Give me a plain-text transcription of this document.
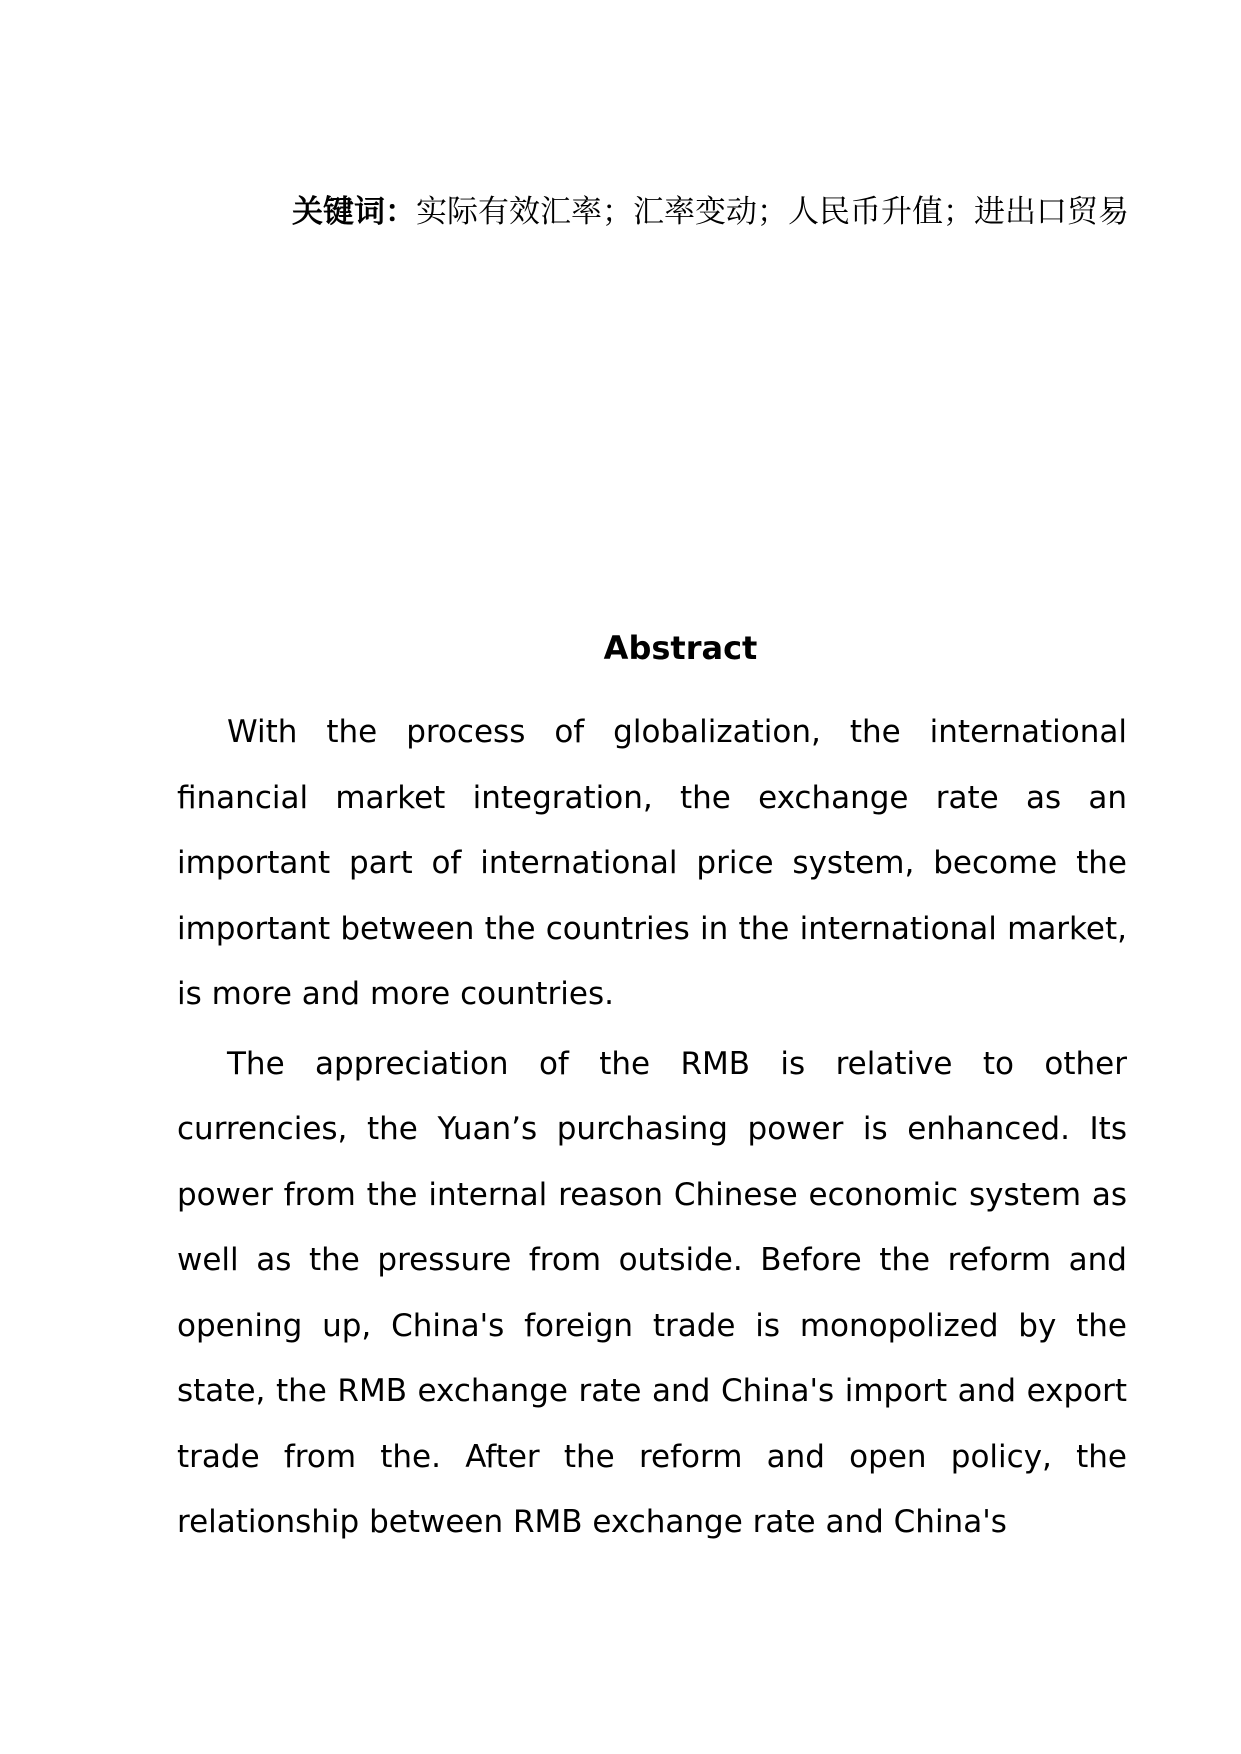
关键词：实际有效汇率；汇率变动；人民币升值；进出口贸易
Abstract

With the process of globalization, the international financial market integration, the exchange rate as an important part of international price system, become the important between the countries in the international market, is more and more countries.

The appreciation of the RMB is relative to other currencies, the Yuan’s purchasing power is enhanced. Its power from the internal reason Chinese economic system as well as the pressure from outside. Before the reform and opening up, China's foreign trade is monopolized by the state, the RMB exchange rate and China's import and export trade from the. After the reform and open policy, the relationship between RMB exchange rate and China's
